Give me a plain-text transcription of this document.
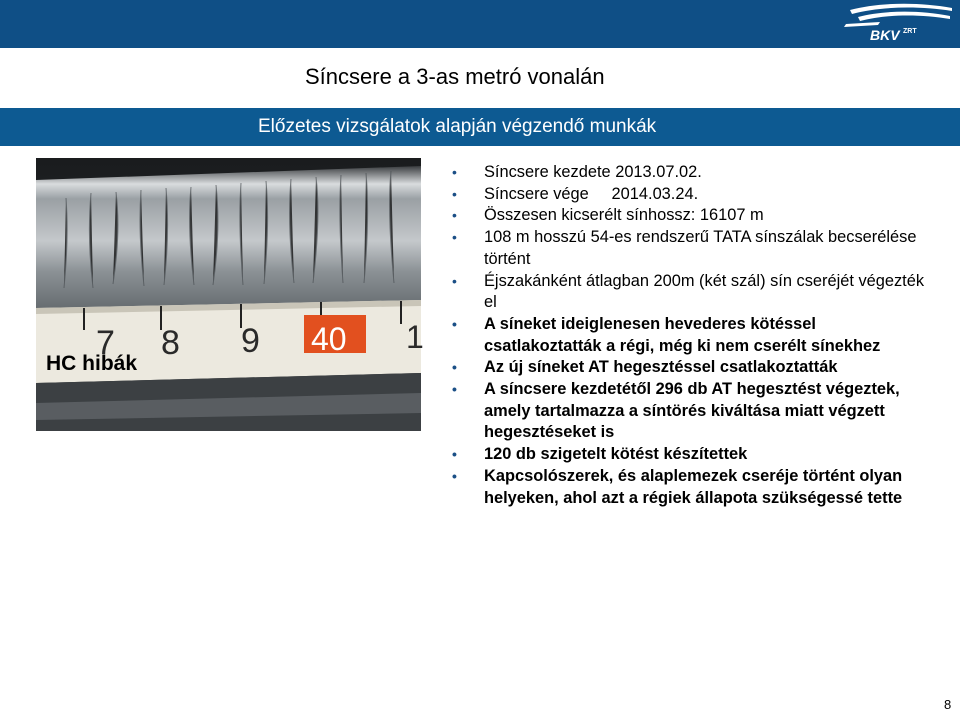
BKV ZRT
Síncsere a 3-as metró vonalán
Előzetes vizsgálatok alapján végzendő munkák
7 8 9 40 1
HC hibák
• Síncsere kezdete 2013.07.02.
• Síncsere vége     2014.03.24.
• Összesen kicserélt sínhossz: 16107 m
• 108 m hosszú 54-es rendszerű TATA sínszálak becserélése történt
• Éjszakánként átlagban 200m (két szál) sín cseréjét végezték el
• A síneket ideiglenesen hevederes kötéssel csatlakoztatták a régi, még ki nem cserélt sínekhez
• Az új síneket AT hegesztéssel csatlakoztatták
• A síncsere kezdetétől 296 db AT hegesztést végeztek, amely tartalmazza a síntörés kiváltása miatt végzett hegesztéseket is
• 120 db szigetelt kötést készítettek
• Kapcsolószerek, és alaplemezek cseréje történt olyan helyeken, ahol azt a régiek állapota szükségessé tette
8
